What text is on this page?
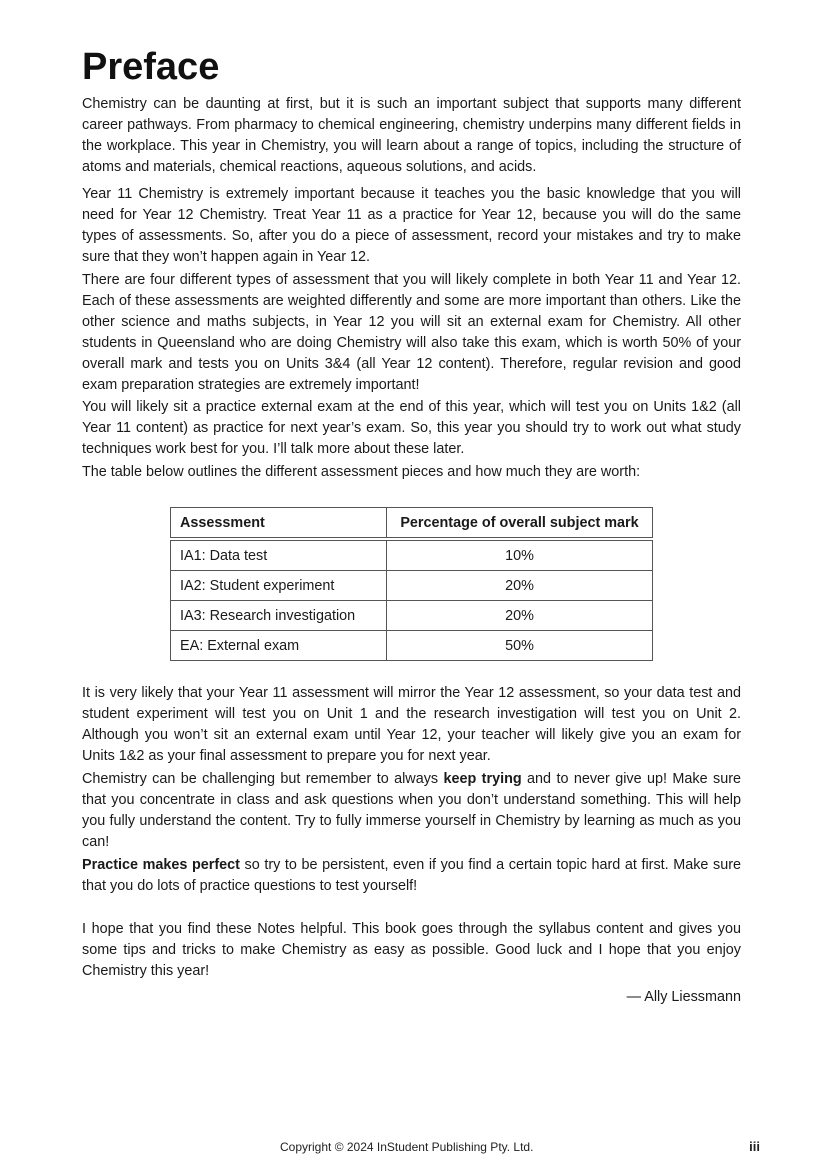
Preface

Chemistry can be daunting at first, but it is such an important subject that supports many different career pathways. From pharmacy to chemical engineering, chemistry underpins many different fields in the workplace. This year in Chemistry, you will learn about a range of topics, including the structure of atoms and materials, chemical reactions, aqueous solutions, and acids.

Year 11 Chemistry is extremely important because it teaches you the basic knowledge that you will need for Year 12 Chemistry. Treat Year 11 as a practice for Year 12, because you will do the same types of assessments. So, after you do a piece of assessment, record your mistakes and try to make sure that they won’t happen again in Year 12.

There are four different types of assessment that you will likely complete in both Year 11 and Year 12. Each of these assessments are weighted differently and some are more important than others. Like the other science and maths subjects, in Year 12 you will sit an external exam for Chemistry. All other students in Queensland who are doing Chemistry will also take this exam, which is worth 50% of your overall mark and tests you on Units 3&4 (all Year 12 content). Therefore, regular revision and good exam preparation strategies are extremely important!

You will likely sit a practice external exam at the end of this year, which will test you on Units 1&2 (all Year 11 content) as practice for next year’s exam. So, this year you should try to work out what study techniques work best for you. I’ll talk more about these later.

The table below outlines the different assessment pieces and how much they are worth:

Assessment	Percentage of overall subject mark
IA1: Data test	10%
IA2: Student experiment	20%
IA3: Research investigation	20%
EA: External exam	50%

It is very likely that your Year 11 assessment will mirror the Year 12 assessment, so your data test and student experiment will test you on Unit 1 and the research investigation will test you on Unit 2. Although you won’t sit an external exam until Year 12, your teacher will likely give you an exam for Units 1&2 as your final assessment to prepare you for next year.

Chemistry can be challenging but remember to always keep trying and to never give up! Make sure that you concentrate in class and ask questions when you don’t understand something. This will help you fully understand the content. Try to fully immerse yourself in Chemistry by learning as much as you can!

Practice makes perfect so try to be persistent, even if you find a certain topic hard at first. Make sure that you do lots of practice questions to test yourself!

I hope that you find these Notes helpful. This book goes through the syllabus content and gives you some tips and tricks to make Chemistry as easy as possible. Good luck and I hope that you enjoy Chemistry this year!

— Ally Liessmann

Copyright © 2024 InStudent Publishing Pty. Ltd.	iii
